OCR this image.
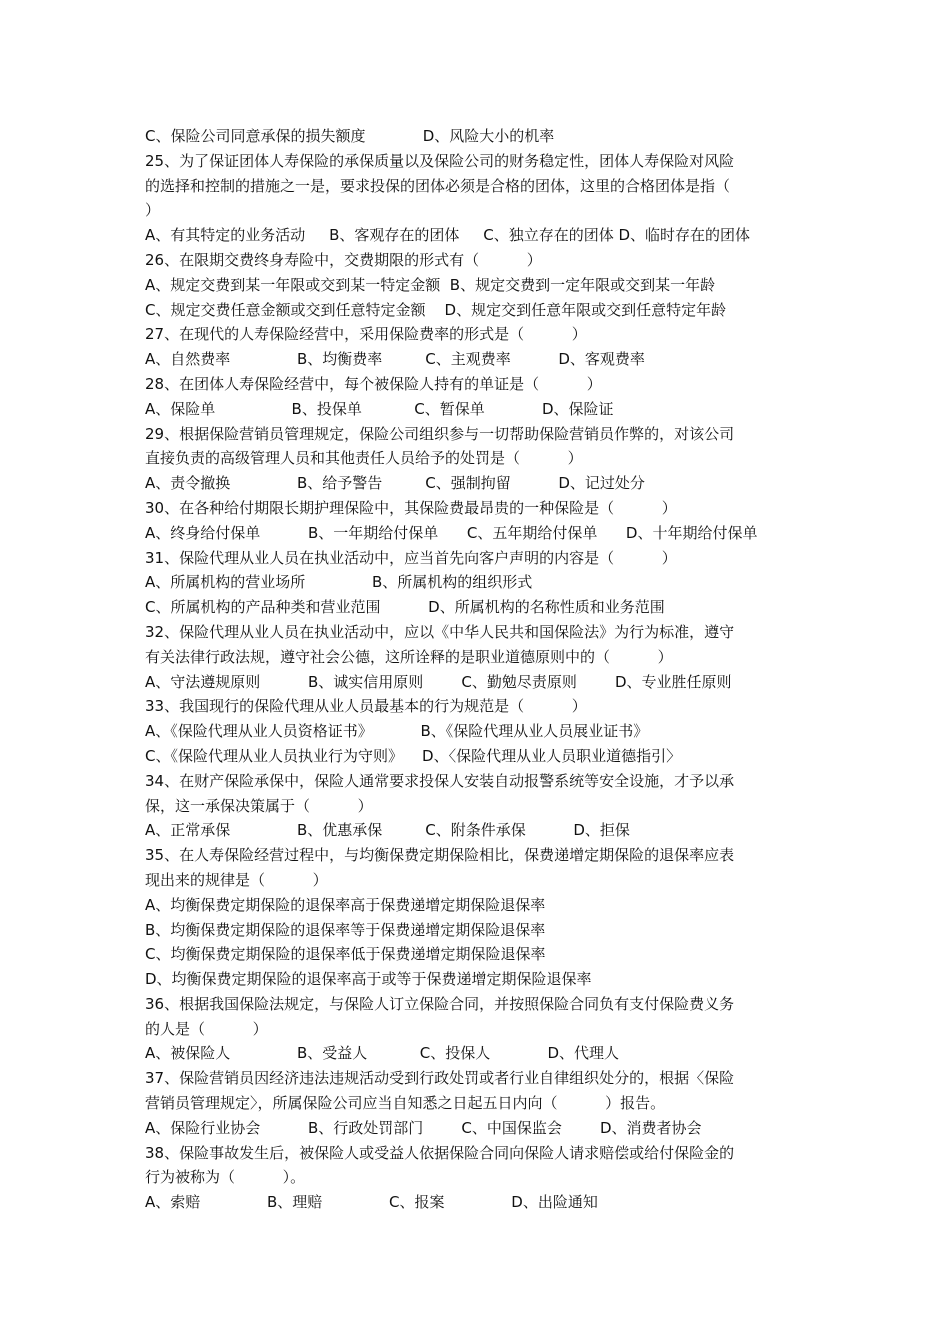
C、保险公司同意承保的损失额度            D、风险大小的机率
25、为了保证团体人寿保险的承保质量以及保险公司的财务稳定性，团体人寿保险对风险
的选择和控制的措施之一是，要求投保的团体必须是合格的团体，这里的合格团体是指（
）
A、有其特定的业务活动     B、客观存在的团体     C、独立存在的团体 D、临时存在的团体
26、在限期交费终身寿险中，交费期限的形式有（          ）
A、规定交费到某一年限或交到某一特定金额  B、规定交费到一定年限或交到某一年龄
C、规定交费任意金额或交到任意特定金额    D、规定交到任意年限或交到任意特定年龄
27、在现代的人寿保险经营中，采用保险费率的形式是（          ）
A、自然费率              B、均衡费率         C、主观费率          D、客观费率
28、在团体人寿保险经营中，每个被保险人持有的单证是（          ）
A、保险单                B、投保单           C、暂保单            D、保险证
29、根据保险营销员管理规定，保险公司组织参与一切帮助保险营销员作弊的，对该公司
直接负责的高级管理人员和其他责任人员给予的处罚是（          ）
A、责令撤换              B、给予警告         C、强制拘留          D、记过处分
30、在各种给付期限长期护理保险中，其保险费最昂贵的一种保险是（          ）
A、终身给付保单          B、一年期给付保单      C、五年期给付保单      D、十年期给付保单
31、保险代理从业人员在执业活动中，应当首先向客户声明的内容是（          ）
A、所属机构的营业场所              B、所属机构的组织形式
C、所属机构的产品种类和营业范围          D、所属机构的名称性质和业务范围
32、保险代理从业人员在执业活动中，应以《中华人民共和国保险法》为行为标准，遵守
有关法律行政法规，遵守社会公德，这所诠释的是职业道德原则中的（          ）
A、守法遵规原则          B、诚实信用原则        C、勤勉尽责原则        D、专业胜任原则
33、我国现行的保险代理从业人员最基本的行为规范是（          ）
A、《保险代理从业人员资格证书》          B、《保险代理从业人员展业证书》
C、《保险代理从业人员执业行为守则》    D、〈保险代理从业人员职业道德指引〉
34、在财产保险承保中，保险人通常要求投保人安装自动报警系统等安全设施，才予以承
保，这一承保决策属于（          ）
A、正常承保              B、优惠承保         C、附条件承保          D、拒保
35、在人寿保险经营过程中，与均衡保费定期保险相比，保费递增定期保险的退保率应表
现出来的规律是（          ）
A、均衡保费定期保险的退保率高于保费递增定期保险退保率
B、均衡保费定期保险的退保率等于保费递增定期保险退保率
C、均衡保费定期保险的退保率低于保费递增定期保险退保率
D、均衡保费定期保险的退保率高于或等于保费递增定期保险退保率
36、根据我国保险法规定，与保险人订立保险合同，并按照保险合同负有支付保险费义务
的人是（          ）
A、被保险人              B、受益人           C、投保人            D、代理人
37、保险营销员因经济违法违规活动受到行政处罚或者行业自律组织处分的，根据〈保险
营销员管理规定〉，所属保险公司应当自知悉之日起五日内向（          ）报告。
A、保险行业协会          B、行政处罚部门        C、中国保监会        D、消费者协会
38、保险事故发生后，被保险人或受益人依据保险合同向保险人请求赔偿或给付保险金的
行为被称为（          ）。
A、索赔              B、理赔              C、报案              D、出险通知
